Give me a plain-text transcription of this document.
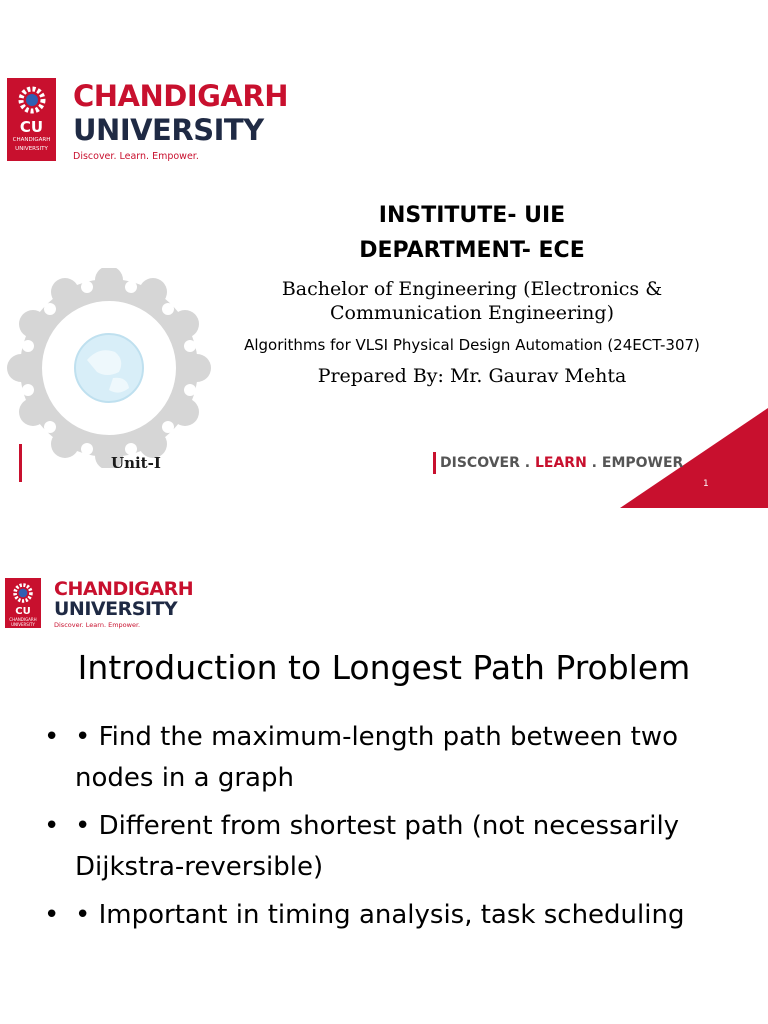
CU
CHANDIGARH
UNIVERSITY
CHANDIGARH
UNIVERSITY
Discover. Learn. Empower.
INSTITUTE- UIE
DEPARTMENT- ECE
Bachelor of Engineering (Electronics & Communication Engineering)
Algorithms for VLSI Physical Design Automation (24ECT-307)
Prepared By: Mr. Gaurav Mehta
Unit-I	DISCOVER . LEARN . EMPOWER
1
CU
CHANDIGARH
UNIVERSITY
CHANDIGARH
UNIVERSITY
Discover. Learn. Empower.
Introduction to Longest Path Problem
• • Find the maximum-length path between two nodes in a graph
• • Different from shortest path (not necessarily Dijkstra-reversible)
• • Important in timing analysis, task scheduling
